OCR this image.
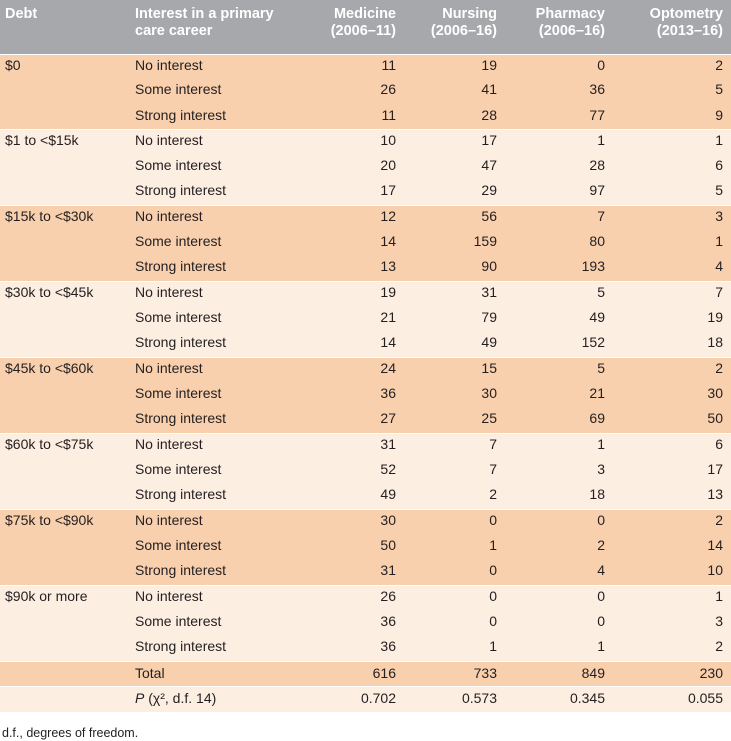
Debt	Interest in a primary care career	Medicine (2006–11)	Nursing (2006–16)	Pharmacy (2006–16)	Optometry (2013–16)
$0	No interest	11	19	0	2
	Some interest	26	41	36	5
	Strong interest	11	28	77	9
$1 to <$15k	No interest	10	17	1	1
	Some interest	20	47	28	6
	Strong interest	17	29	97	5
$15k to <$30k	No interest	12	56	7	3
	Some interest	14	159	80	1
	Strong interest	13	90	193	4
$30k to <$45k	No interest	19	31	5	7
	Some interest	21	79	49	19
	Strong interest	14	49	152	18
$45k to <$60k	No interest	24	15	5	2
	Some interest	36	30	21	30
	Strong interest	27	25	69	50
$60k to <$75k	No interest	31	7	1	6
	Some interest	52	7	3	17
	Strong interest	49	2	18	13
$75k to <$90k	No interest	30	0	0	2
	Some interest	50	1	2	14
	Strong interest	31	0	4	10
$90k or more	No interest	26	0	0	1
	Some interest	36	0	0	3
	Strong interest	36	1	1	2
	Total	616	733	849	230
	P (χ², d.f. 14)	0.702	0.573	0.345	0.055
d.f., degrees of freedom.
